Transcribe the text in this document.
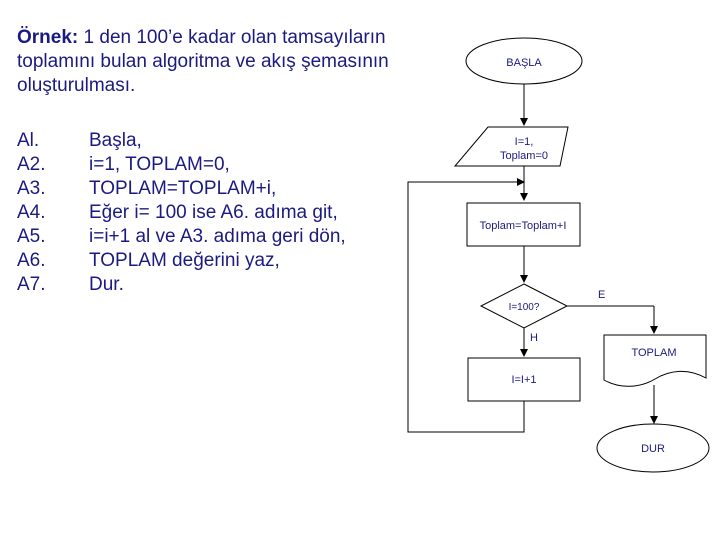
Örnek: 1 den 100’e kadar olan tamsayıların toplamını bulan algoritma ve akış şemasının oluşturulması.
Al.	Başla,
A2.	i=1, TOPLAM=0,
A3.	TOPLAM=TOPLAM+i,
A4.	Eğer i= 100 ise A6. adıma git,
A5.	i=i+1 al ve A3. adıma geri dön,
A6.	TOPLAM değerini yaz,
A7.	Dur.
BAŞLA
I=1,
Toplam=0
Toplam=Toplam+I
I=100?
E
H
I=I+1
TOPLAM
DUR
